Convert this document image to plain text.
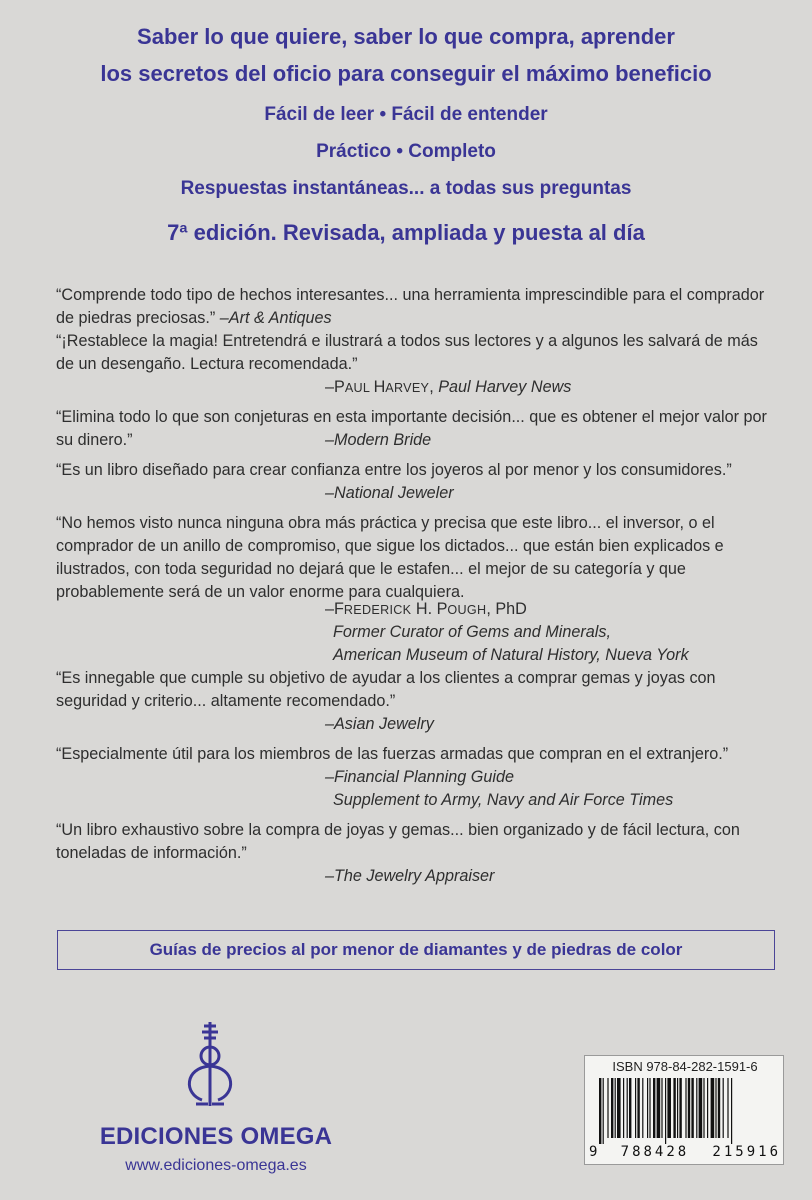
Saber lo que quiere, saber lo que compra, aprender
los secretos del oficio para conseguir el máximo beneficio
Fácil de leer • Fácil de entender
Práctico • Completo
Respuestas instantáneas... a todas sus preguntas
7ª edición. Revisada, ampliada y puesta al día
“Comprende todo tipo de hechos interesantes... una herramienta imprescindible para el comprador de piedras preciosas.” –Art & Antiques
“¡Restablece la magia! Entretendrá e ilustrará a todos sus lectores y a algunos les salvará de más de un desengaño. Lectura recomendada.”
–PAUL HARVEY, Paul Harvey News
“Elimina todo lo que son conjeturas en esta importante decisión... que es obtener el mejor valor por su dinero.”	–Modern Bride
“Es un libro diseñado para crear confianza entre los joyeros al por menor y los consumidores.”
–National Jeweler
“No hemos visto nunca ninguna obra más práctica y precisa que este libro... el inversor, o el comprador de un anillo de compromiso, que sigue los dictados... que están bien explicados e ilustrados, con toda seguridad no dejará que le estafen... el mejor de su categoría y que probablemente será de un valor enorme para cualquiera.
–FREDERICK H. POUGH, PhD
Former Curator of Gems and Minerals,
American Museum of Natural History, Nueva York
“Es innegable que cumple su objetivo de ayudar a los clientes a comprar gemas y joyas con seguridad y criterio... altamente recomendado.”
–Asian Jewelry
“Especialmente útil para los miembros de las fuerzas armadas que compran en el extranjero.”
–Financial Planning Guide
Supplement to Army, Navy and Air Force Times
“Un libro exhaustivo sobre la compra de joyas y gemas... bien organizado y de fácil lectura, con toneladas de información.”
–The Jewelry Appraiser
Guías de precios al por menor de diamantes y de piedras de color
EDICIONES OMEGA
www.ediciones-omega.es
ISBN 978-84-282-1591-6
9 788428 215916
